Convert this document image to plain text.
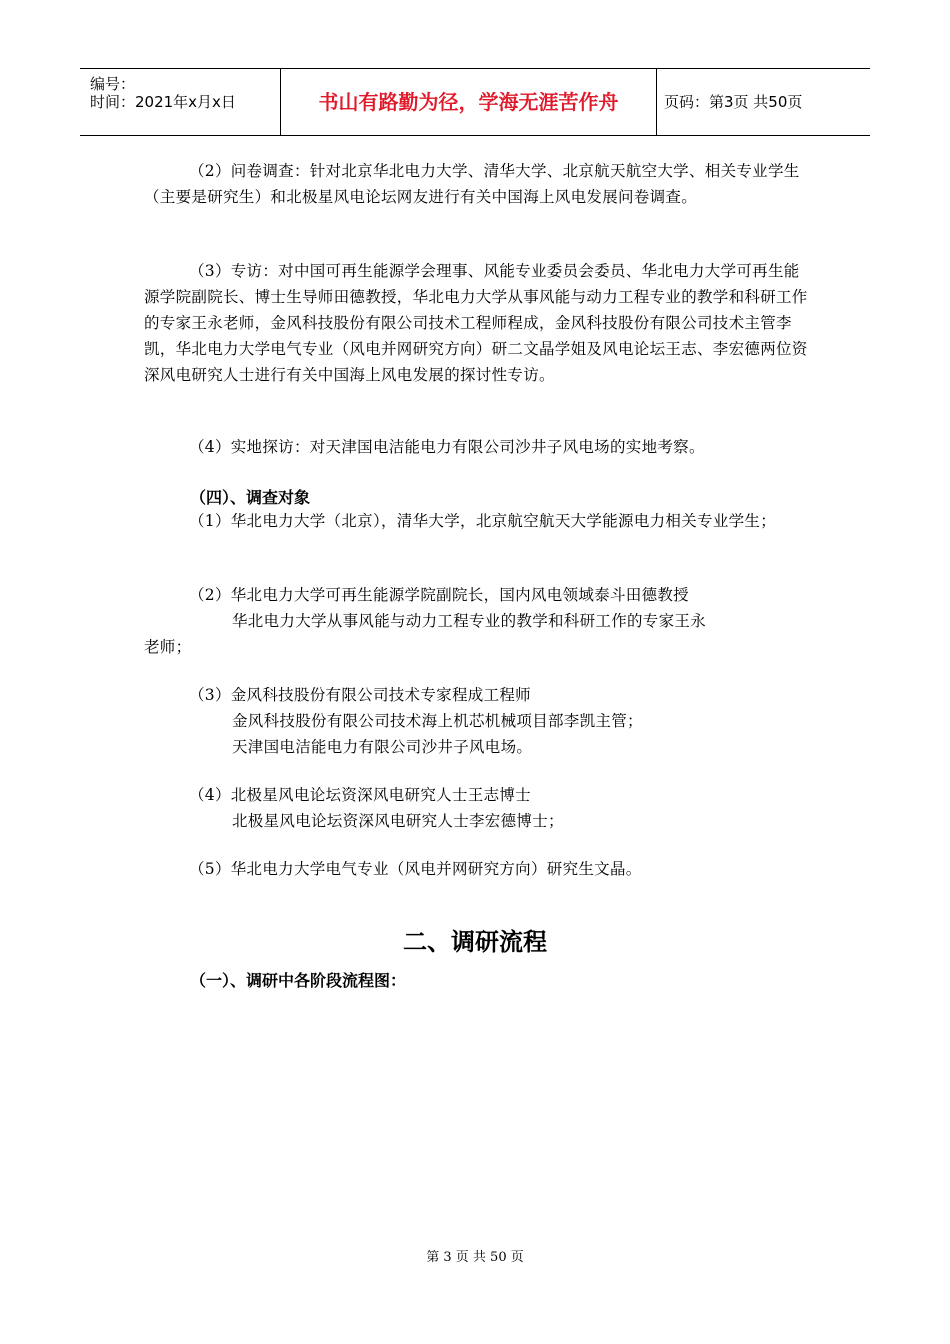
编号：
时间：2021年x月x日	书山有路勤为径，学海无涯苦作舟	页码：第3页 共50页

（2）问卷调查：针对北京华北电力大学、清华大学、北京航天航空大学、相关专业学生（主要是研究生）和北极星风电论坛网友进行有关中国海上风电发展问卷调查。

（3）专访：对中国可再生能源学会理事、风能专业委员会委员、华北电力大学可再生能源学院副院长、博士生导师田德教授，华北电力大学从事风能与动力工程专业的教学和科研工作的专家王永老师，金风科技股份有限公司技术工程师程成，金风科技股份有限公司技术主管李凯，华北电力大学电气专业（风电并网研究方向）研二文晶学姐及风电论坛王志、李宏德两位资深风电研究人士进行有关中国海上风电发展的探讨性专访。

（4）实地探访：对天津国电洁能电力有限公司沙井子风电场的实地考察。

（四）、调查对象

（1）华北电力大学（北京），清华大学，北京航空航天大学能源电力相关专业学生；

（2）华北电力大学可再生能源学院副院长，国内风电领域泰斗田德教授

华北电力大学从事风能与动力工程专业的教学和科研工作的专家王永

老师；

（3）金风科技股份有限公司技术专家程成工程师

金风科技股份有限公司技术海上机芯机械项目部李凯主管；

天津国电洁能电力有限公司沙井子风电场。

（4）北极星风电论坛资深风电研究人士王志博士

北极星风电论坛资深风电研究人士李宏德博士；

（5）华北电力大学电气专业（风电并网研究方向）研究生文晶。

二、调研流程
（一）、调研中各阶段流程图：
第 3 页 共 50 页
